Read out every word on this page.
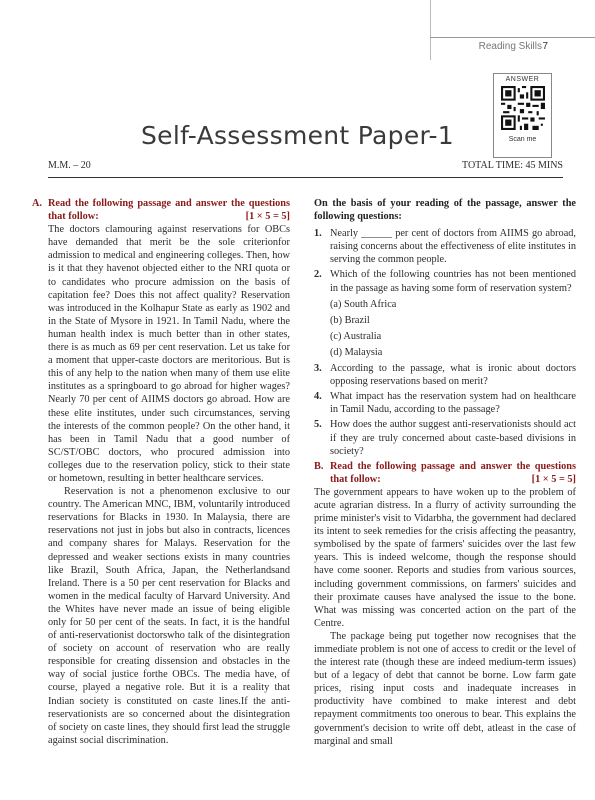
Reading Skills 7
ANSWER
Scan me
Self-Assessment Paper-1
M.M. – 20	TOTAL TIME: 45 MINS
A. Read the following passage and answer the questions that follow:	[1 × 5 = 5]

The doctors clamouring against reservations for OBCs have demanded that merit be the sole criterionfor admission to medical and engineering colleges. Then, how is it that they havenot objected either to the NRI quota or to candidates who procure admission on the basis of capitation fee? Does this not affect quality? Reservation was introduced in the Kolhapur State as early as 1902 and in the State of Mysore in 1921. In Tamil Nadu, where the human health index is much better than in other states, there is as much as 69 per cent reservation. Let us take for a moment that upper-caste doctors are meritorious. But is this of any help to the nation when many of them use elite institutes as a springboard to go abroad for higher wages? Nearly 70 per cent of AIIMS doctors go abroad. How are these elite institutes, under such circumstances, serving the interests of the common people? On the other hand, it has been in Tamil Nadu that a good number of SC/ST/OBC doctors, who procured admission into colleges due to the reservation policy, stick to their state or hometown, resulting in better healthcare services.

Reservation is not a phenomenon exclusive to our country. The American MNC, IBM, voluntarily introduced reservations for Blacks in 1930. In Malaysia, there are reservations not just in jobs but also in contracts, licences and company shares for Malays. Reservation for the depressed and weaker sections exists in many countries like Brazil, South Africa, Japan, the Netherlandsand Ireland. There is a 50 per cent reservation for Blacks and women in the medical faculty of Harvard University. And the Whites have never made an issue of being eligible only for 50 per cent of the seats. In fact, it is the handful of anti-reservationist doctorswho talk of the disintegration of society on account of reservation who are really responsible for creating dissension and obstacles in the way of social justice forthe OBCs. The media have, of course, played a negative role. But it is a reality that Indian society is constituted on caste lines.If the anti-reservationists are so concerned about the disintegration of society on caste lines, they should first lead the struggle against social discrimination.

On the basis of your reading of the passage, answer the following questions:
1. Nearly ______ per cent of doctors from AIIMS go abroad, raising concerns about the effectiveness of elite institutes in serving the common people.
2. Which of the following countries has not been mentioned in the passage as having some form of reservation system?
(a) South Africa
(b) Brazil
(c) Australia
(d) Malaysia
3. According to the passage, what is ironic about doctors opposing reservations based on merit?
4. What impact has the reservation system had on healthcare in Tamil Nadu, according to the passage?
5. How does the author suggest anti-reservationists should act if they are truly concerned about caste-based divisions in society?
B. Read the following passage and answer the questions that follow:	[1 × 5 = 5]

The government appears to have woken up to the problem of acute agrarian distress. In a flurry of activity surrounding the prime minister's visit to Vidarbha, the government had declared its intent to seek remedies for the crisis affecting the peasantry, symbolised by the spate of farmers' suicides over the last few years. This is indeed welcome, though the response should have come sooner. Reports and studies from various sources, including government commissions, on farmers' suicides and their proximate causes have analysed the issue to the bone. What was missing was concerted action on the part of the Centre.

The package being put together now recognises that the immediate problem is not one of access to credit or the level of the interest rate (though these are indeed medium-term issues) but of a legacy of debt that cannot be borne. Low farm gate prices, rising input costs and inadequate increases in productivity have combined to make interest and debt repayment commitments too onerous to bear. This explains the government's decision to write off debt, atleast in the case of marginal and small
